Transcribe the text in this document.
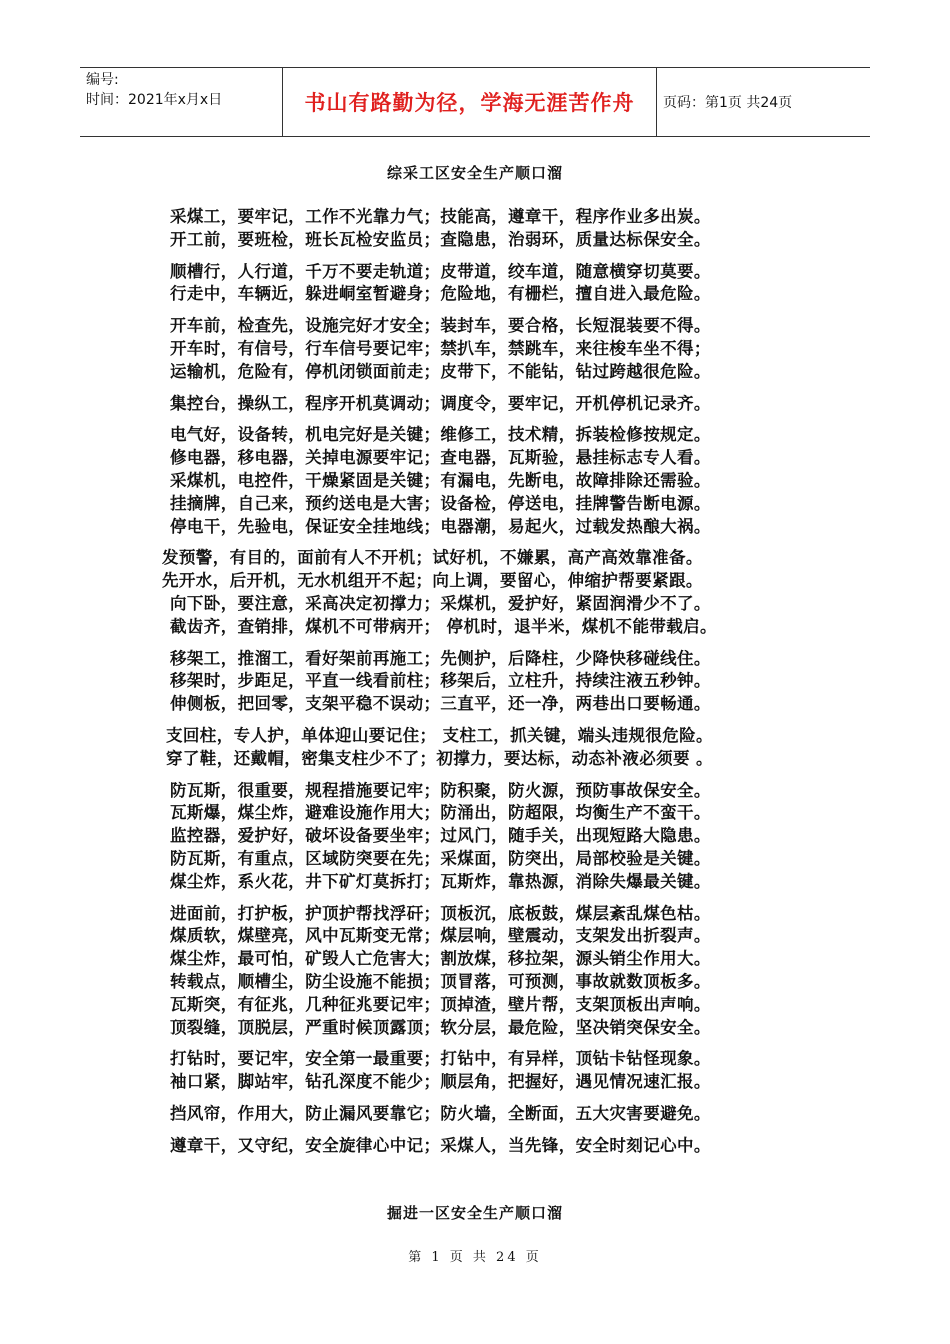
编号:
时间：2021年x月x日	书山有路勤为径，学海无涯苦作舟	页码：第1页 共24页
综采工区安全生产顺口溜
采煤工，要牢记，工作不光靠力气；技能高，遵章干，程序作业多出炭。
开工前，要班检，班长瓦检安监员；查隐患，治弱环，质量达标保安全。
顺槽行，人行道，千万不要走轨道；皮带道，绞车道，随意横穿切莫要。
行走中，车辆近，躲进峒室暂避身；危险地，有栅栏，擅自进入最危险。
开车前，检查先，设施完好才安全；装封车，要合格，长短混装要不得。
开车时，有信号，行车信号要记牢；禁扒车，禁跳车，来往梭车坐不得；
运输机，危险有，停机闭锁面前走；皮带下，不能钻，钻过跨越很危险。
集控台，操纵工，程序开机莫调动；调度令，要牢记，开机停机记录齐。
电气好，设备转，机电完好是关键；维修工，技术精，拆装检修按规定。
修电器，移电器，关掉电源要牢记；查电器，瓦斯验，悬挂标志专人看。
采煤机，电控件，干燥紧固是关键；有漏电，先断电，故障排除还需验。
挂摘牌，自己来，预约送电是大害；设备检，停送电，挂牌警告断电源。
停电干，先验电，保证安全挂地线；电器潮，易起火，过载发热酿大祸。
发预警，有目的，面前有人不开机；试好机，不嫌累，高产高效靠准备。
先开水，后开机，无水机组开不起；向上调，要留心，伸缩护帮要紧跟。
向下卧，要注意，采高决定初撑力；采煤机，爱护好，紧固润滑少不了。
截齿齐，查销排，煤机不可带病开； 停机时，退半米，煤机不能带载启。
移架工，推溜工，看好架前再施工；先侧护，后降柱，少降快移碰线住。
移架时，步距足，平直一线看前柱；移架后，立柱升，持续注液五秒钟。
伸侧板，把回零，支架平稳不误动；三直平，还一净，两巷出口要畅通。
支回柱，专人护，单体迎山要记住； 支柱工，抓关键，端头违规很危险。
穿了鞋，还戴帽，密集支柱少不了；初撑力，要达标，动态补液必须要 。
防瓦斯，很重要，规程措施要记牢；防积聚，防火源，预防事故保安全。
瓦斯爆，煤尘炸，避难设施作用大；防涌出，防超限，均衡生产不蛮干。
监控器，爱护好，破坏设备要坐牢；过风门，随手关，出现短路大隐患。
防瓦斯，有重点，区域防突要在先；采煤面，防突出，局部校验是关键。
煤尘炸，系火花，井下矿灯莫拆打；瓦斯炸，靠热源，消除失爆最关键。
进面前，打护板，护顶护帮找浮矸；顶板沉，底板鼓，煤层紊乱煤色枯。
煤质软，煤壁亮，风中瓦斯变无常；煤层响，壁震动，支架发出折裂声。
煤尘炸，最可怕，矿毁人亡危害大；割放煤，移拉架，源头销尘作用大。
转载点，顺槽尘，防尘设施不能损；顶冒落，可预测，事故就数顶板多。
瓦斯突，有征兆，几种征兆要记牢；顶掉渣，壁片帮，支架顶板出声响。
顶裂缝，顶脱层，严重时候顶露顶；软分层，最危险，坚决销突保安全。
打钻时，要记牢，安全第一最重要；打钻中，有异样，顶钻卡钻怪现象。
袖口紧，脚站牢，钻孔深度不能少；顺层角，把握好，遇见情况速汇报。
挡风帘，作用大，防止漏风要靠它；防火墙，全断面，五大灾害要避免。
遵章干，又守纪，安全旋律心中记；采煤人，当先锋，安全时刻记心中。
掘进一区安全生产顺口溜
第 1 页 共 24 页
